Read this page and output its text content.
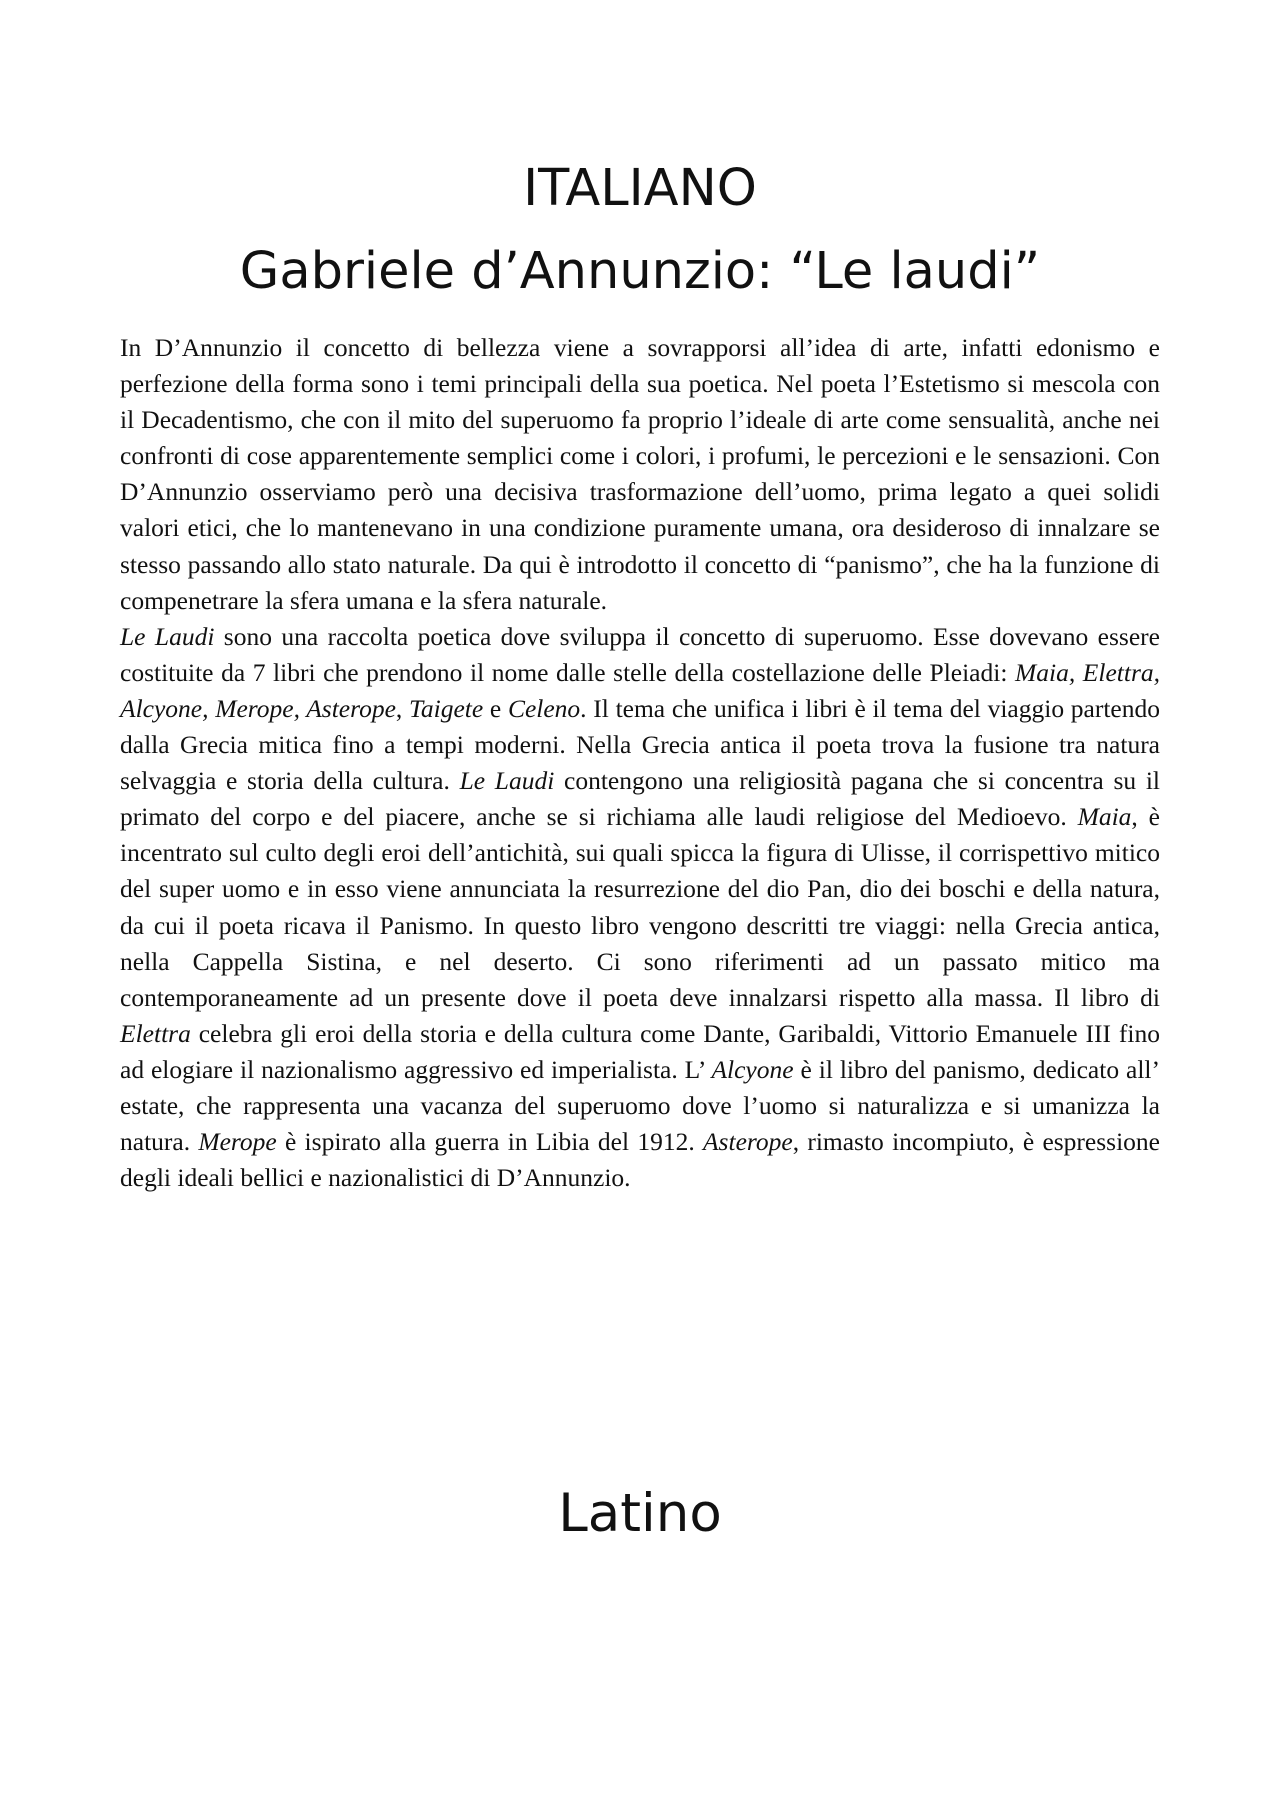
ITALIANO
Gabriele d’Annunzio: “Le laudi”

In D’Annunzio il concetto di bellezza viene a sovrapporsi all’idea di arte, infatti edonismo e perfezione della forma sono i temi principali della sua poetica. Nel poeta l’Estetismo si mescola con il Decadentismo, che con il mito del superuomo fa proprio l’ideale di arte come sensualità, anche nei confronti di cose apparentemente semplici come i colori, i profumi, le percezioni e le sensazioni. Con D’Annunzio osserviamo però una decisiva trasformazione dell’uomo, prima legato a quei solidi valori etici, che lo mantenevano in una condizione puramente umana, ora desideroso di innalzare se stesso passando allo stato naturale. Da qui è introdotto il concetto di “panismo”, che ha la funzione di compenetrare la sfera umana e la sfera naturale.

Le Laudi sono una raccolta poetica dove sviluppa il concetto di superuomo. Esse dovevano essere costituite da 7 libri che prendono il nome dalle stelle della costellazione delle Pleiadi: Maia, Elettra, Alcyone, Merope, Asterope, Taigete e Celeno. Il tema che unifica i libri è il tema del viaggio partendo dalla Grecia mitica fino a tempi moderni. Nella Grecia antica il poeta trova la fusione tra natura selvaggia e storia della cultura. Le Laudi contengono una religiosità pagana che si concentra su il primato del corpo e del piacere, anche se si richiama alle laudi religiose del Medioevo. Maia, è incentrato sul culto degli eroi dell’antichità, sui quali spicca la figura di Ulisse, il corrispettivo mitico del super uomo e in esso viene annunciata la resurrezione del dio Pan, dio dei boschi e della natura, da cui il poeta ricava il Panismo. In questo libro vengono descritti tre viaggi: nella Grecia antica, nella Cappella Sistina, e nel deserto. Ci sono riferimenti ad un passato mitico ma contemporaneamente ad un presente dove il poeta deve innalzarsi rispetto alla massa. Il libro di Elettra celebra gli eroi della storia e della cultura come Dante, Garibaldi, Vittorio Emanuele III fino ad elogiare il nazionalismo aggressivo ed imperialista. L’ Alcyone è il libro del panismo, dedicato all’ estate, che rappresenta una vacanza del superuomo dove l’uomo si naturalizza e si umanizza la natura. Merope è ispirato alla guerra in Libia del 1912. Asterope, rimasto incompiuto, è espressione degli ideali bellici e nazionalistici di D’Annunzio.

Latino
